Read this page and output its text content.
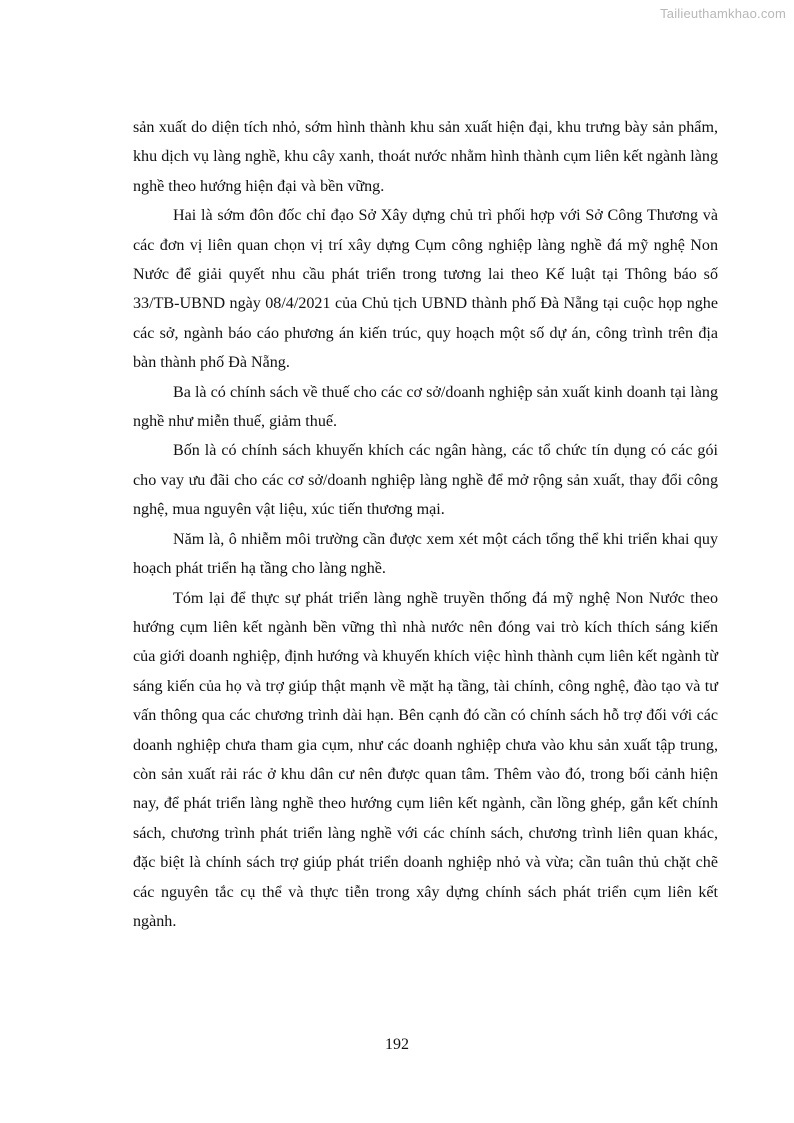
Tailieuthamkhao.com

sản xuất do diện tích nhỏ, sớm hình thành khu sản xuất hiện đại, khu trưng bày sản phẩm, khu dịch vụ làng nghề, khu cây xanh, thoát nước nhằm hình thành cụm liên kết ngành làng nghề theo hướng hiện đại và bền vững.

Hai là sớm đôn đốc chỉ đạo Sở Xây dựng chủ trì phối hợp với Sở Công Thương và các đơn vị liên quan chọn vị trí xây dựng Cụm công nghiệp làng nghề đá mỹ nghệ Non Nước để giải quyết nhu cầu phát triển trong tương lai theo Kế luật tại Thông báo số 33/TB-UBND ngày 08/4/2021 của Chủ tịch UBND thành phố Đà Nẵng tại cuộc họp nghe các sở, ngành báo cáo phương án kiến trúc, quy hoạch một số dự án, công trình trên địa bàn thành phố Đà Nẵng.

Ba là có chính sách về thuế cho các cơ sở/doanh nghiệp sản xuất kinh doanh tại làng nghề như miễn thuế, giảm thuế.

Bốn là có chính sách khuyến khích các ngân hàng, các tổ chức tín dụng có các gói cho vay ưu đãi cho các cơ sở/doanh nghiệp làng nghề để mở rộng sản xuất, thay đổi công nghệ, mua nguyên vật liệu, xúc tiến thương mại.

Năm là, ô nhiễm môi trường cần được xem xét một cách tổng thể khi triển khai quy hoạch phát triển hạ tầng cho làng nghề.

Tóm lại để thực sự phát triển làng nghề truyền thống đá mỹ nghệ Non Nước theo hướng cụm liên kết ngành bền vững thì nhà nước nên đóng vai trò kích thích sáng kiến của giới doanh nghiệp, định hướng và khuyến khích việc hình thành cụm liên kết ngành từ sáng kiến của họ và trợ giúp thật mạnh về mặt hạ tầng, tài chính, công nghệ, đào tạo và tư vấn thông qua các chương trình dài hạn. Bên cạnh đó cần có chính sách hỗ trợ đối với các doanh nghiệp chưa tham gia cụm, như các doanh nghiệp chưa vào khu sản xuất tập trung, còn sản xuất rải rác ở khu dân cư nên được quan tâm. Thêm vào đó, trong bối cảnh hiện nay, để phát triển làng nghề theo hướng cụm liên kết ngành, cần lồng ghép, gắn kết chính sách, chương trình phát triển làng nghề với các chính sách, chương trình liên quan khác, đặc biệt là chính sách trợ giúp phát triển doanh nghiệp nhỏ và vừa; cần tuân thủ chặt chẽ các nguyên tắc cụ thể và thực tiễn trong xây dựng chính sách phát triển cụm liên kết ngành.

192
